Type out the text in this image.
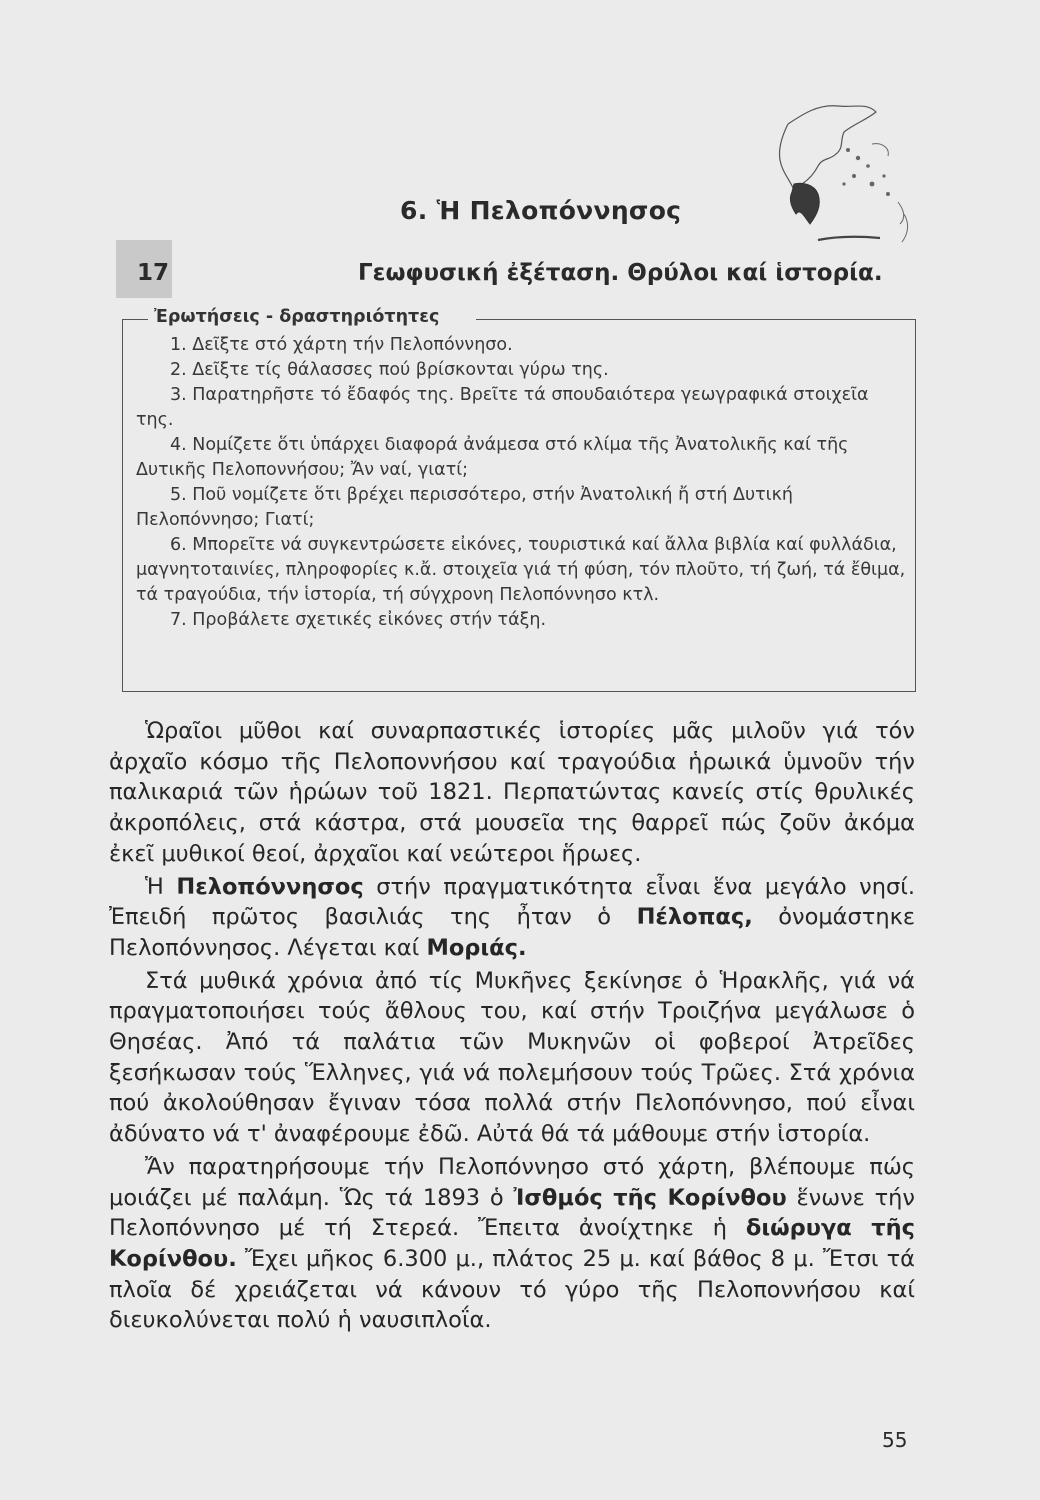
6. Ἡ Πελοπόννησος
17	Γεωφυσική ἐξέταση. Θρύλοι καί ἱστορία.
Ἐρωτήσεις - δραστηριότητες
1. Δεῖξτε στό χάρτη τήν Πελοπόννησο.
2. Δεῖξτε τίς θάλασσες πού βρίσκονται γύρω της.
3. Παρατηρῆστε τό ἔδαφός της. Βρεῖτε τά σπουδαιότερα γεωγραφικά στοιχεῖα της.
4. Νομίζετε ὅτι ὑπάρχει διαφορά ἀνάμεσα στό κλίμα τῆς Ἀνατολικῆς καί τῆς Δυτικῆς Πελοποννήσου; Ἄν ναί, γιατί;
5. Ποῦ νομίζετε ὅτι βρέχει περισσότερο, στήν Ἀνατολική ἤ στή Δυτική Πελοπόννησο; Γιατί;
6. Μπορεῖτε νά συγκεντρώσετε εἰκόνες, τουριστικά καί ἄλλα βιβλία καί φυλλάδια, μαγνητοταινίες, πληροφορίες κ.ἄ. στοιχεῖα γιά τή φύση, τόν πλοῦτο, τή ζωή, τά ἔθιμα, τά τραγούδια, τήν ἱστορία, τή σύγχρονη Πελοπόννησο κτλ.
7. Προβάλετε σχετικές εἰκόνες στήν τάξη.

Ὡραῖοι μῦθοι καί συναρπαστικές ἱστορίες μᾶς μιλοῦν γιά τόν ἀρχαῖο κόσμο τῆς Πελοποννήσου καί τραγούδια ἡρωικά ὑμνοῦν τήν παλικαριά τῶν ἡρώων τοῦ 1821. Περπατώντας κανείς στίς θρυλικές ἀκροπόλεις, στά κάστρα, στά μουσεῖα της θαρρεῖ πώς ζοῦν ἀκόμα ἐκεῖ μυθικοί θεοί, ἀρχαῖοι καί νεώτεροι ἥρωες.

Ἡ Πελοπόννησος στήν πραγματικότητα εἶναι ἕνα μεγάλο νησί. Ἐπειδή πρῶτος βασιλιάς της ἦταν ὁ Πέλοπας, ὀνομάστηκε Πελοπόννησος. Λέγεται καί Μοριάς.

Στά μυθικά χρόνια ἀπό τίς Μυκῆνες ξεκίνησε ὁ Ἡρακλῆς, γιά νά πραγματοποιήσει τούς ἄθλους του, καί στήν Τροιζήνα μεγάλωσε ὁ Θησέας. Ἀπό τά παλάτια τῶν Μυκηνῶν οἱ φοβεροί Ἀτρεῖδες ξεσήκωσαν τούς Ἕλληνες, γιά νά πολεμήσουν τούς Τρῶες. Στά χρόνια πού ἀκολούθησαν ἔγιναν τόσα πολλά στήν Πελοπόννησο, πού εἶναι ἀδύνατο νά τ' ἀναφέρουμε ἐδῶ. Αὐτά θά τά μάθουμε στήν ἱστορία.

Ἄν παρατηρήσουμε τήν Πελοπόννησο στό χάρτη, βλέπουμε πώς μοιάζει μέ παλάμη. Ὥς τά 1893 ὁ Ἰσθμός τῆς Κορίνθου ἕνωνε τήν Πελοπόννησο μέ τή Στερεά. Ἔπειτα ἀνοίχτηκε ἡ διώρυγα τῆς Κορίνθου. Ἔχει μῆκος 6.300 μ., πλάτος 25 μ. καί βάθος 8 μ. Ἔτσι τά πλοῖα δέ χρειάζεται νά κάνουν τό γύρο τῆς Πελοποννήσου καί διευκολύνεται πολύ ἡ ναυσιπλοΐα.

55
